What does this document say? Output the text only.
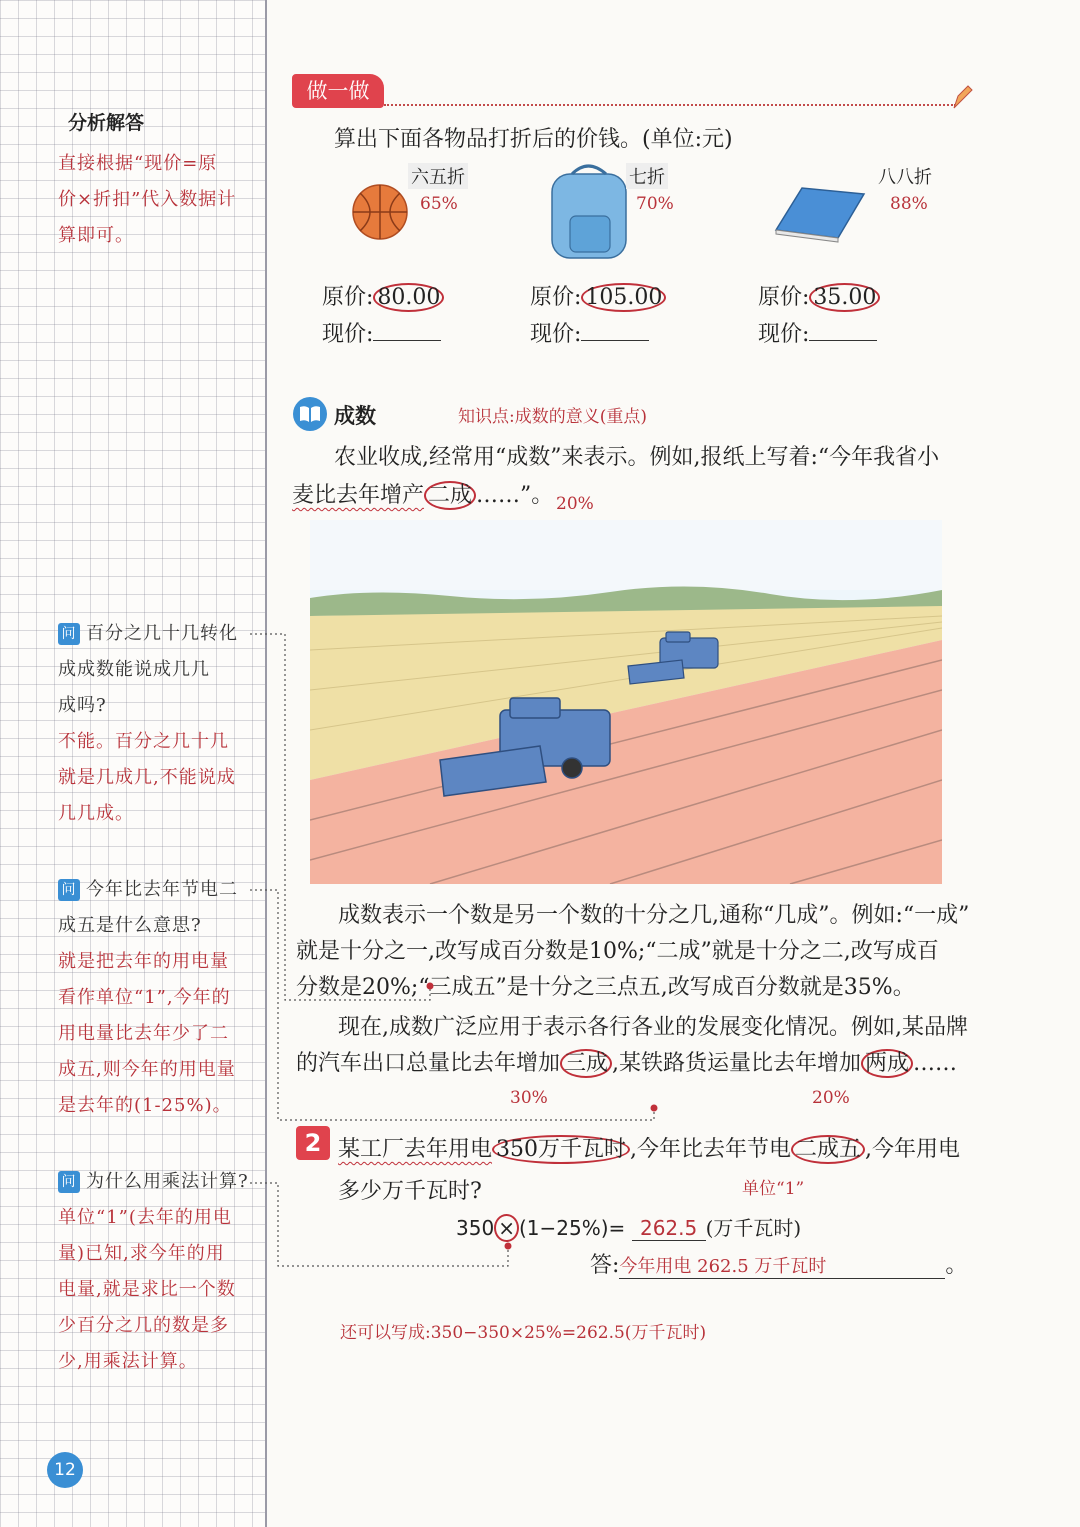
分析解答
直接根据“现价=原
价×折扣”代入数据计
算即可。
问 百分之几十几转化
成成数能说成几几
成吗?
不能。百分之几十几
就是几成几,不能说成
几几成。
问 今年比去年节电二
成五是什么意思?
就是把去年的用电量
看作单位“1”,今年的
用电量比去年少了二
成五,则今年的用电量
是去年的(1-25%)。
问 为什么用乘法计算?
单位“1”(去年的用电
量)已知,求今年的用
电量,就是求比一个数
少百分之几的数是多
少,用乘法计算。
12
做一做
算出下面各物品打折后的价钱。(单位:元)
六五折
65%
七折
70%
八八折
88%
原价: 80.00
现价:
原价: 105.00
现价:
原价: 35.00
现价:
成数	知识点:成数的意义(重点)
农业收成,经常用“成数”来表示。例如,报纸上写着:“今年我省小
麦比去年增产 二成 ……”。 20%
成数表示一个数是另一个数的十分之几,通称“几成”。例如:“一成”
就是十分之一,改写成百分数是10%;“二成”就是十分之二,改写成百
分数是20%;“三成五”是十分之三点五,改写成百分数就是35%。
现在,成数广泛应用于表示各行各业的发展变化情况。例如,某品牌
的汽车出口总量比去年增加 三成 ,某铁路货运量比去年增加 两成 ……
30%	20%
2 某工厂去年用电 350万千瓦时 ,今年比去年节电 二成五 ,今年用电
多少万千瓦时?	单位“1”
350 × (1−25%)= 262.5 (万千瓦时)
答:今年用电 262.5 万千瓦时	。
还可以写成:350−350×25%=262.5(万千瓦时)
